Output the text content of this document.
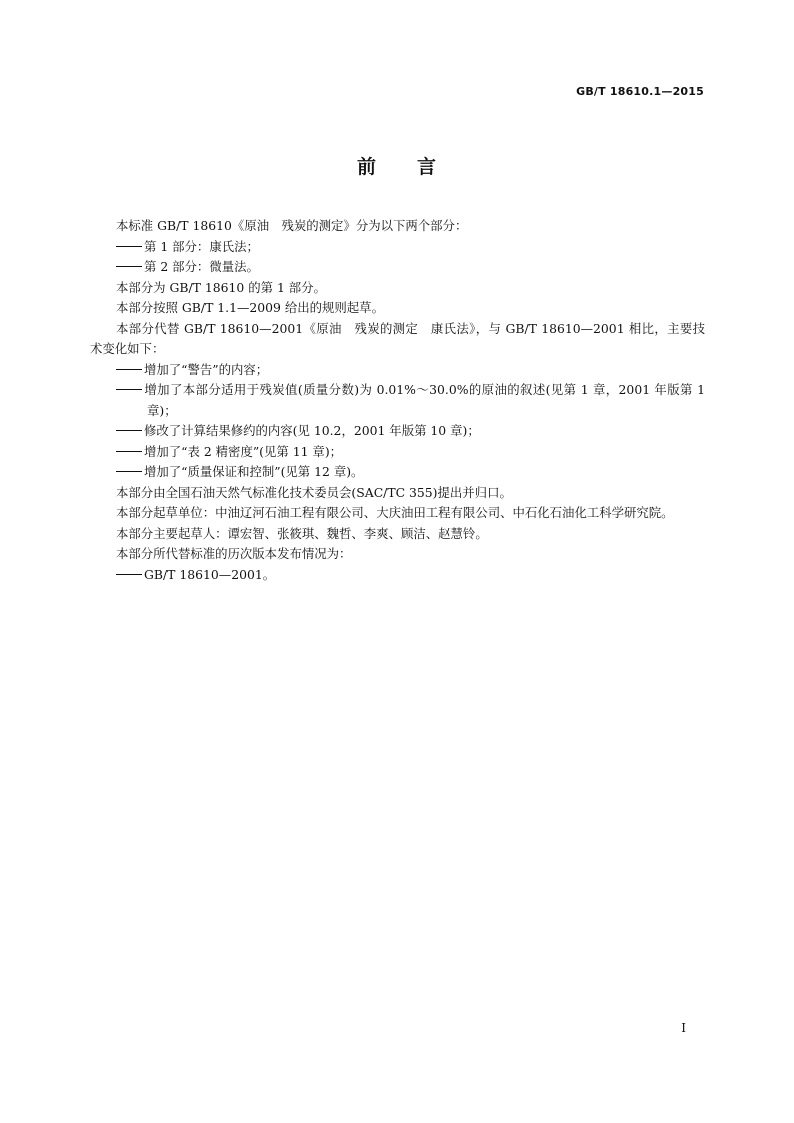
GB/T 18610.1—2015
前 言

本标准 GB/T 18610《原油　残炭的测定》分为以下两个部分：

第 1 部分：康氏法；

第 2 部分：微量法。

本部分为 GB/T 18610 的第 1 部分。

本部分按照 GB/T 1.1—2009 给出的规则起草。

本部分代替 GB/T 18610—2001《原油　残炭的测定　康氏法》，与 GB/T 18610—2001 相比，主要技术变化如下：

增加了“警告”的内容；

增加了本部分适用于残炭值(质量分数)为 0.01%～30.0%的原油的叙述(见第 1 章，2001 年版第 1 章)；

修改了计算结果修约的内容(见 10.2，2001 年版第 10 章)；

增加了“表 2 精密度”(见第 11 章)；

增加了“质量保证和控制”(见第 12 章)。

本部分由全国石油天然气标准化技术委员会(SAC/TC 355)提出并归口。

本部分起草单位：中油辽河石油工程有限公司、大庆油田工程有限公司、中石化石油化工科学研究院。

本部分主要起草人：谭宏智、张筱琪、魏哲、李爽、顾洁、赵慧铃。

本部分所代替标准的历次版本发布情况为：

GB/T 18610—2001。

I
